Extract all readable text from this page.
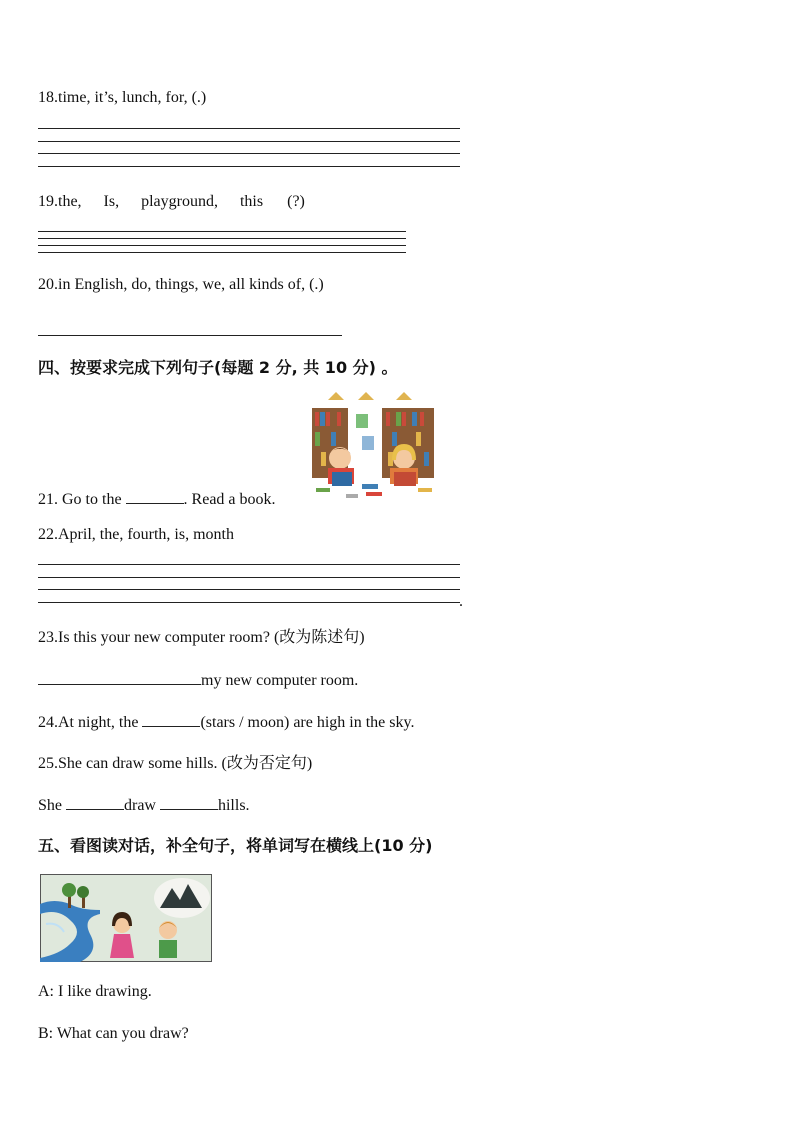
18.time, it’s, lunch, for, (.)
19.the, Is, playground, this (?)
20.in English, do, things, we, all kinds of, (.)
四、按要求完成下列句子(每题 2 分, 共 10 分) 。
21. Go to the	. Read a book.
22.April, the, fourth, is, month
.
23.Is this your new computer room? (改为陈述句)
my new computer room.
24.At night, the	(stars / moon) are high in the sky.
25.She can draw some hills. (改为否定句)
She	draw	hills.
五、看图读对话，补全句子，将单词写在横线上(10 分)
A: I like drawing.
B: What can you draw?
